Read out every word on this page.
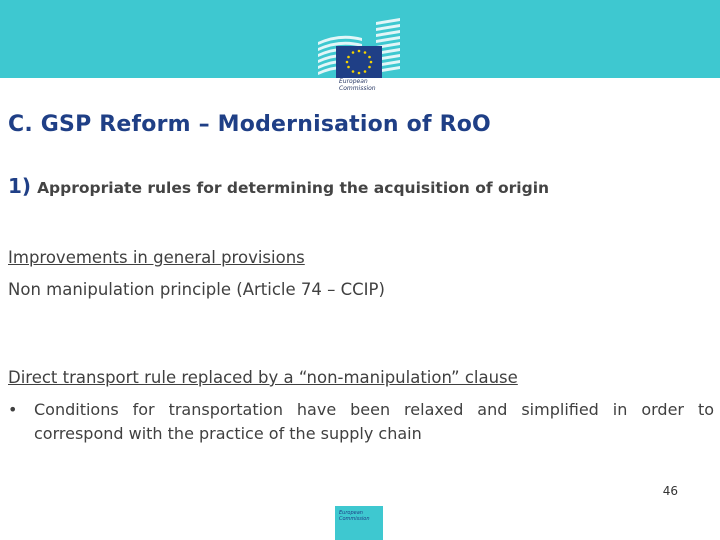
European Commission
C. GSP Reform – Modernisation of RoO

1) Appropriate rules for determining the acquisition of origin

Improvements in general provisions

Non manipulation principle (Article 74 – CCIP)

Direct transport rule replaced by a “non-manipulation” clause

• Conditions for transportation have been relaxed and simplified in order to correspond with the practice of the supply chain
46
European Commission
